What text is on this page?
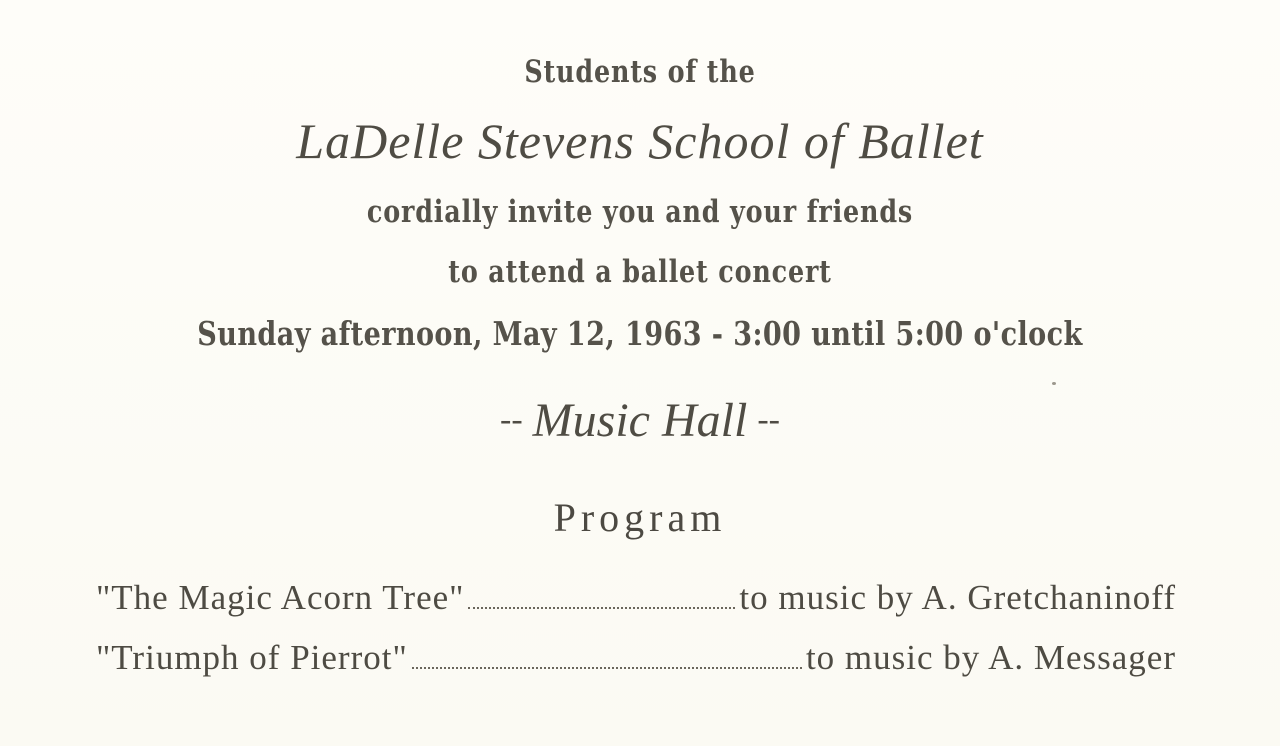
Students of the
LaDelle Stevens School of Ballet
cordially invite you and your friends
to attend a ballet concert
Sunday afternoon, May 12, 1963 - 3:00 until 5:00 o'clock
-- Music Hall --
Program
"The Magic Acorn Tree"	to music by A. Gretchaninoff
"Triumph of Pierrot"	to music by A. Messager
